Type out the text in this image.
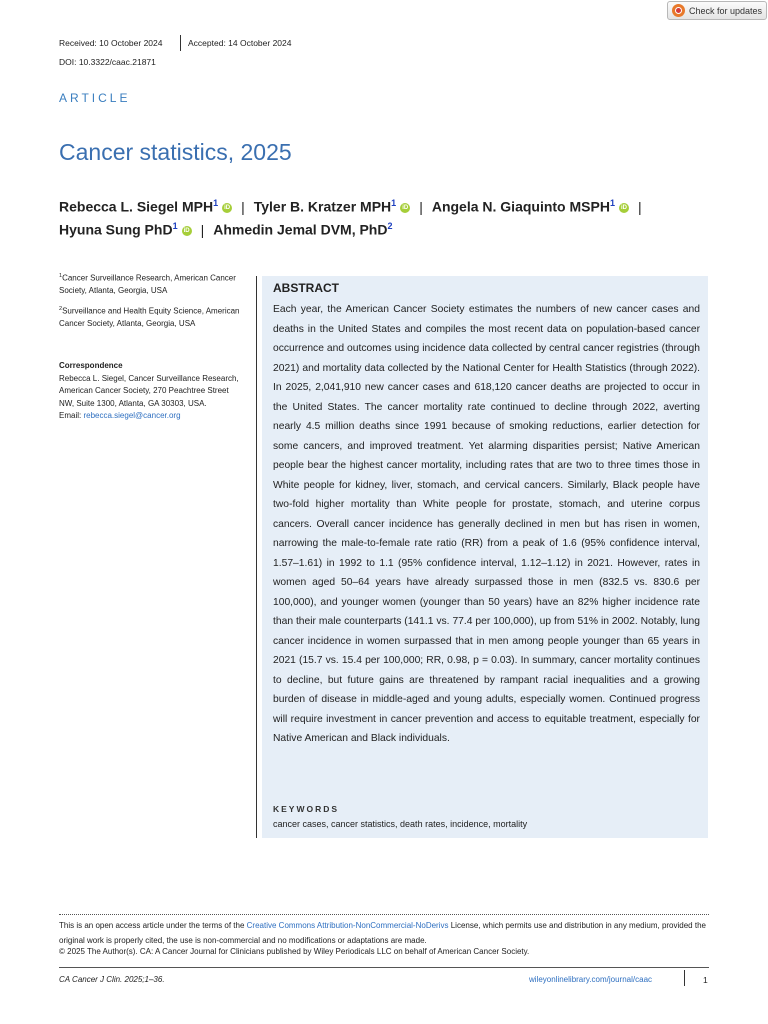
Check for updates
Received: 10 October 2024	Accepted: 14 October 2024
DOI: 10.3322/caac.21871
ARTICLE
Cancer statistics, 2025
Rebecca L. Siegel MPH$^1$ iD | Tyler B. Kratzer MPH$^1$ iD | Angela N. Giaquinto MSPH$^1$ iD |
Hyuna Sung PhD$^1$ iD | Ahmedin Jemal DVM, PhD$^2$
$^1$Cancer Surveillance Research, American Cancer Society, Atlanta, Georgia, USA
$^2$Surveillance and Health Equity Science, American Cancer Society, Atlanta, Georgia, USA
Correspondence
Rebecca L. Siegel, Cancer Surveillance Research, American Cancer Society, 270 Peachtree Street NW, Suite 1300, Atlanta, GA 30303, USA.
Email: rebecca.siegel@cancer.org
ABSTRACT

Each year, the American Cancer Society estimates the numbers of new cancer cases and deaths in the United States and compiles the most recent data on population-based cancer occurrence and outcomes using incidence data collected by central cancer registries (through 2021) and mortality data collected by the National Center for Health Statistics (through 2022). In 2025, 2,041,910 new cancer cases and 618,120 cancer deaths are projected to occur in the United States. The cancer mortality rate continued to decline through 2022, averting nearly 4.5 million deaths since 1991 because of smoking reductions, earlier detection for some cancers, and improved treatment. Yet alarming disparities persist; Native American people bear the highest cancer mortality, including rates that are two to three times those in White people for kidney, liver, stomach, and cervical cancers. Similarly, Black people have two-fold higher mortality than White people for prostate, stomach, and uterine corpus cancers. Overall cancer incidence has generally declined in men but has risen in women, narrowing the male-to-female rate ratio (RR) from a peak of 1.6 (95% confidence interval, 1.57–1.61) in 1992 to 1.1 (95% confidence interval, 1.12–1.12) in 2021. However, rates in women aged 50–64 years have already surpassed those in men (832.5 vs. 830.6 per 100,000), and younger women (younger than 50 years) have an 82% higher incidence rate than their male counterparts (141.1 vs. 77.4 per 100,000), up from 51% in 2002. Notably, lung cancer incidence in women surpassed that in men among people younger than 65 years in 2021 (15.7 vs. 15.4 per 100,000; RR, 0.98, p = 0.03). In summary, cancer mortality continues to decline, but future gains are threatened by rampant racial inequalities and a growing burden of disease in middle-aged and young adults, especially women. Continued progress will require investment in cancer prevention and access to equitable treatment, especially for Native American and Black individuals.

KEYWORDS
cancer cases, cancer statistics, death rates, incidence, mortality
This is an open access article under the terms of the Creative Commons Attribution-NonCommercial-NoDerivs License, which permits use and distribution in any medium, provided the original work is properly cited, the use is non-commercial and no modifications or adaptations are made.
© 2025 The Author(s). CA: A Cancer Journal for Clinicians published by Wiley Periodicals LLC on behalf of American Cancer Society.
CA Cancer J Clin. 2025;1–36.	wileyonlinelibrary.com/journal/caac	1
